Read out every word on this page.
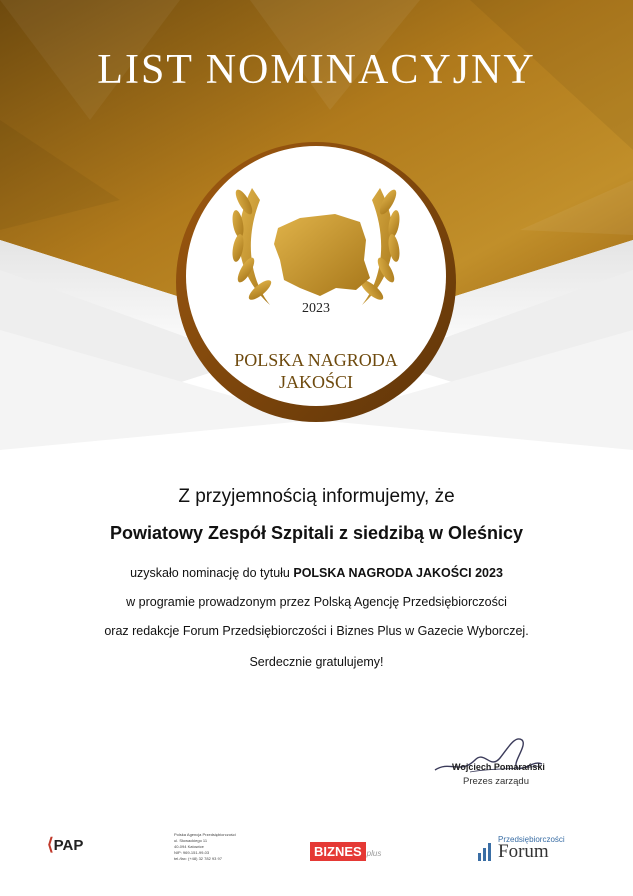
LIST NOMINACYJNY
2023
POLSKA NAGRODA
JAKOŚCI
Z przyjemnością informujemy, że
Powiatowy Zespół Szpitali z siedzibą w Oleśnicy
uzyskało nominację do tytułu POLSKA NAGRODA JAKOŚCI 2023
w programie prowadzonym przez Polską Agencję Przedsiębiorczości
oraz redakcje Forum Przedsiębiorczości i Biznes Plus w Gazecie Wyborczej.
Serdecznie gratulujemy!
Wojciech Pomarański
Prezes zarządu
⟨PAP
Polska Agencja Przedsiębiorczości
ul. Słowackiego 11
40-094 Katowice
NIP: 969-151-99-03
tel./fax: (+48) 32 782 93 97	BIZNES plus
Przedsiębiorczości
Forum
